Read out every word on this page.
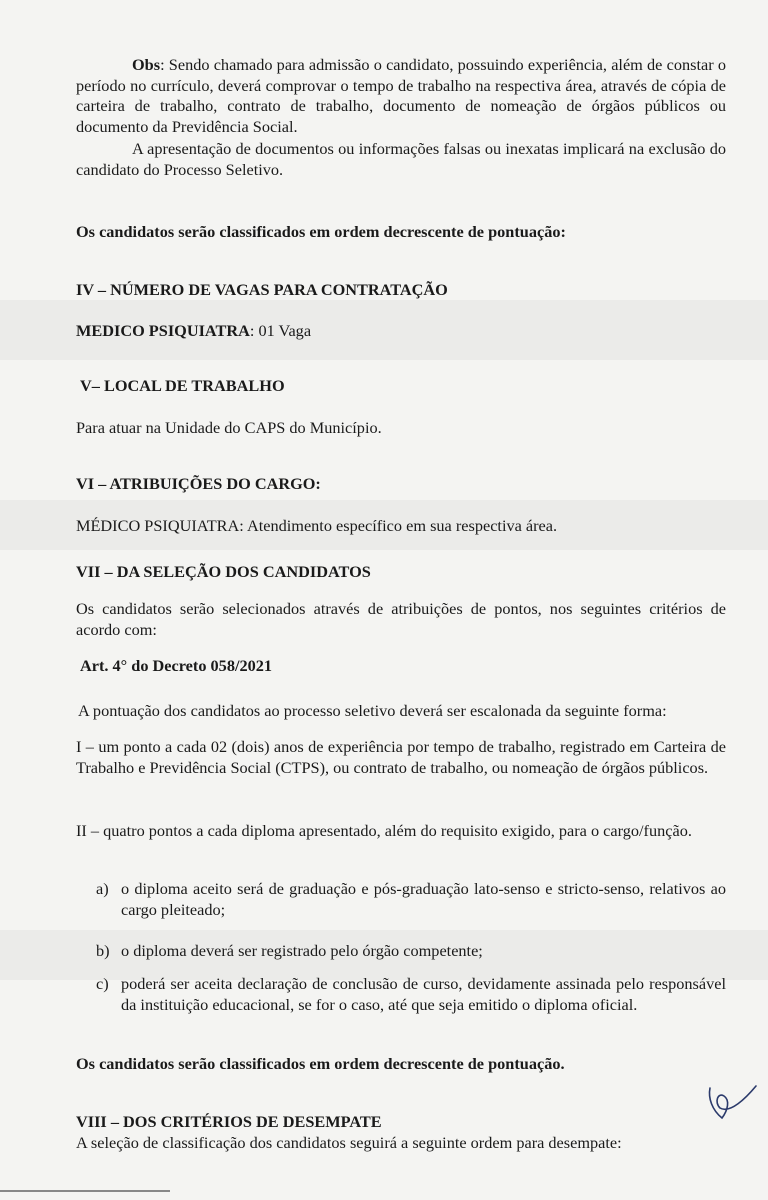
Obs: Sendo chamado para admissão o candidato, possuindo experiência, além de constar o período no currículo, deverá comprovar o tempo de trabalho na respectiva área, através de cópia de carteira de trabalho, contrato de trabalho, documento de nomeação de órgãos públicos ou documento da Previdência Social.
A apresentação de documentos ou informações falsas ou inexatas implicará na exclusão do candidato do Processo Seletivo.
Os candidatos serão classificados em ordem decrescente de pontuação:
IV – NÚMERO DE VAGAS PARA CONTRATAÇÃO
MEDICO PSIQUIATRA: 01 Vaga
V– LOCAL DE TRABALHO
Para atuar na Unidade do CAPS do Município.
VI – ATRIBUIÇÕES DO CARGO:
MÉDICO PSIQUIATRA: Atendimento específico em sua respectiva área.
VII – DA SELEÇÃO DOS CANDIDATOS
Os candidatos serão selecionados através de atribuições de pontos, nos seguintes critérios de acordo com:
Art. 4° do Decreto 058/2021
A pontuação dos candidatos ao processo seletivo deverá ser escalonada da seguinte forma:
I – um ponto a cada 02 (dois) anos de experiência por tempo de trabalho, registrado em Carteira de Trabalho e Previdência Social (CTPS), ou contrato de trabalho, ou nomeação de órgãos públicos.
II – quatro pontos a cada diploma apresentado, além do requisito exigido, para o cargo/função.
a) o diploma aceito será de graduação e pós-graduação lato-senso e stricto-senso, relativos ao cargo pleiteado;
b) o diploma deverá ser registrado pelo órgão competente;
c) poderá ser aceita declaração de conclusão de curso, devidamente assinada pelo responsável da instituição educacional, se for o caso, até que seja emitido o diploma oficial.
Os candidatos serão classificados em ordem decrescente de pontuação.
VIII – DOS CRITÉRIOS DE DESEMPATE
A seleção de classificação dos candidatos seguirá a seguinte ordem para desempate:
